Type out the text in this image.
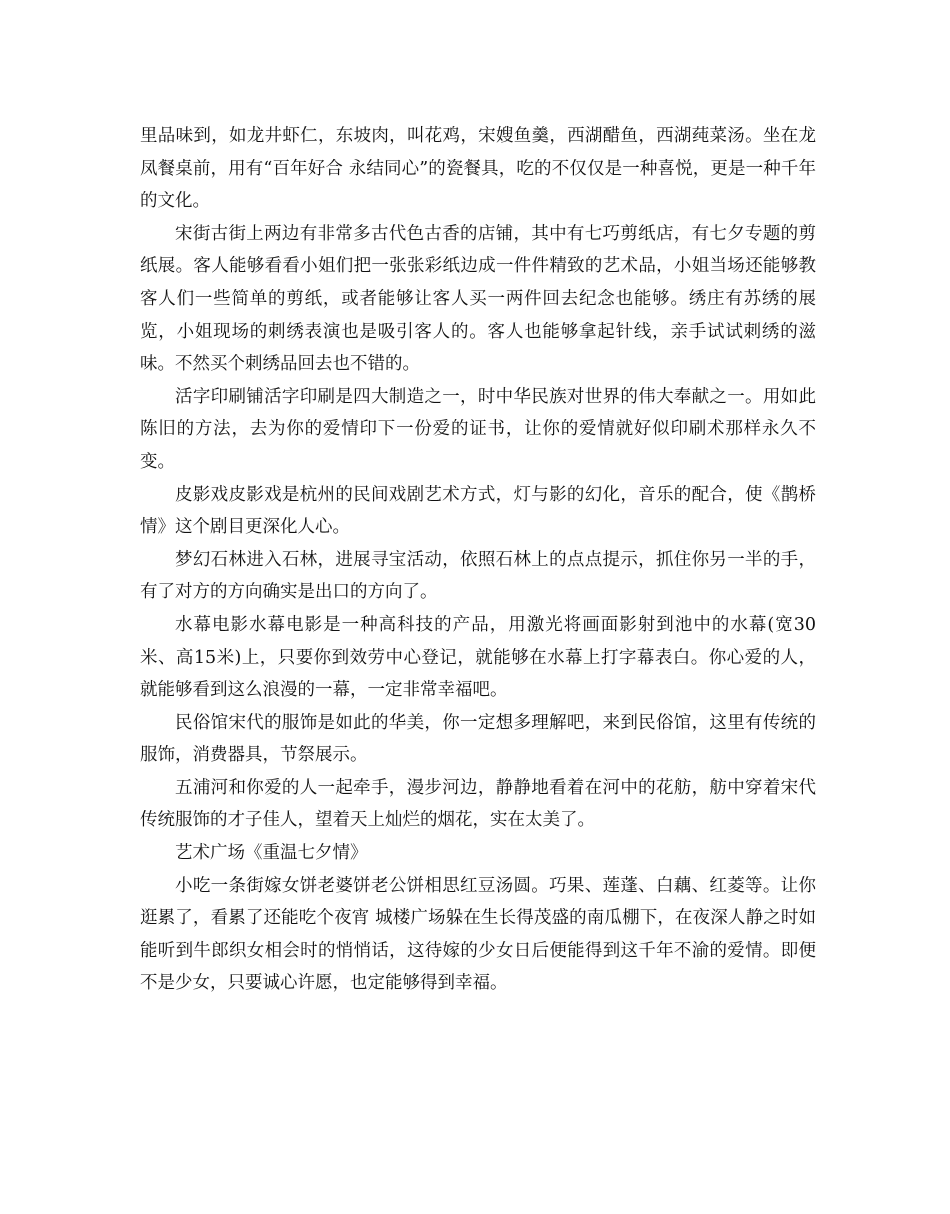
里品味到，如龙井虾仁，东坡肉，叫花鸡，宋嫂鱼羹，西湖醋鱼，西湖莼菜汤。坐在龙凤餐桌前，用有“百年好合 永结同心”的瓷餐具，吃的不仅仅是一种喜悦，更是一种千年的文化。

宋街古街上两边有非常多古代色古香的店铺，其中有七巧剪纸店，有七夕专题的剪纸展。客人能够看看小姐们把一张张彩纸边成一件件精致的艺术品，小姐当场还能够教客人们一些简单的剪纸，或者能够让客人买一两件回去纪念也能够。绣庄有苏绣的展览，小姐现场的刺绣表演也是吸引客人的。客人也能够拿起针线，亲手试试刺绣的滋味。不然买个刺绣品回去也不错的。

活字印刷铺活字印刷是四大制造之一，时中华民族对世界的伟大奉献之一。用如此陈旧的方法，去为你的爱情印下一份爱的证书，让你的爱情就好似印刷术那样永久不变。

皮影戏皮影戏是杭州的民间戏剧艺术方式，灯与影的幻化，音乐的配合，使《鹊桥情》这个剧目更深化人心。

梦幻石林进入石林，进展寻宝活动，依照石林上的点点提示，抓住你另一半的手，有了对方的方向确实是出口的方向了。

水幕电影水幕电影是一种高科技的产品，用激光将画面影射到池中的水幕(宽30米、高15米)上，只要你到效劳中心登记，就能够在水幕上打字幕表白。你心爱的人，就能够看到这么浪漫的一幕，一定非常幸福吧。

民俗馆宋代的服饰是如此的华美，你一定想多理解吧，来到民俗馆，这里有传统的服饰，消费器具，节祭展示。

五浦河和你爱的人一起牵手，漫步河边，静静地看着在河中的花舫，舫中穿着宋代传统服饰的才子佳人，望着天上灿烂的烟花，实在太美了。

艺术广场《重温七夕情》

小吃一条街嫁女饼老婆饼老公饼相思红豆汤圆。巧果、莲蓬、白藕、红菱等。让你逛累了，看累了还能吃个夜宵 城楼广场躲在生长得茂盛的南瓜棚下，在夜深人静之时如能听到牛郎织女相会时的悄悄话，这待嫁的少女日后便能得到这千年不渝的爱情。即便不是少女，只要诚心许愿，也定能够得到幸福。
